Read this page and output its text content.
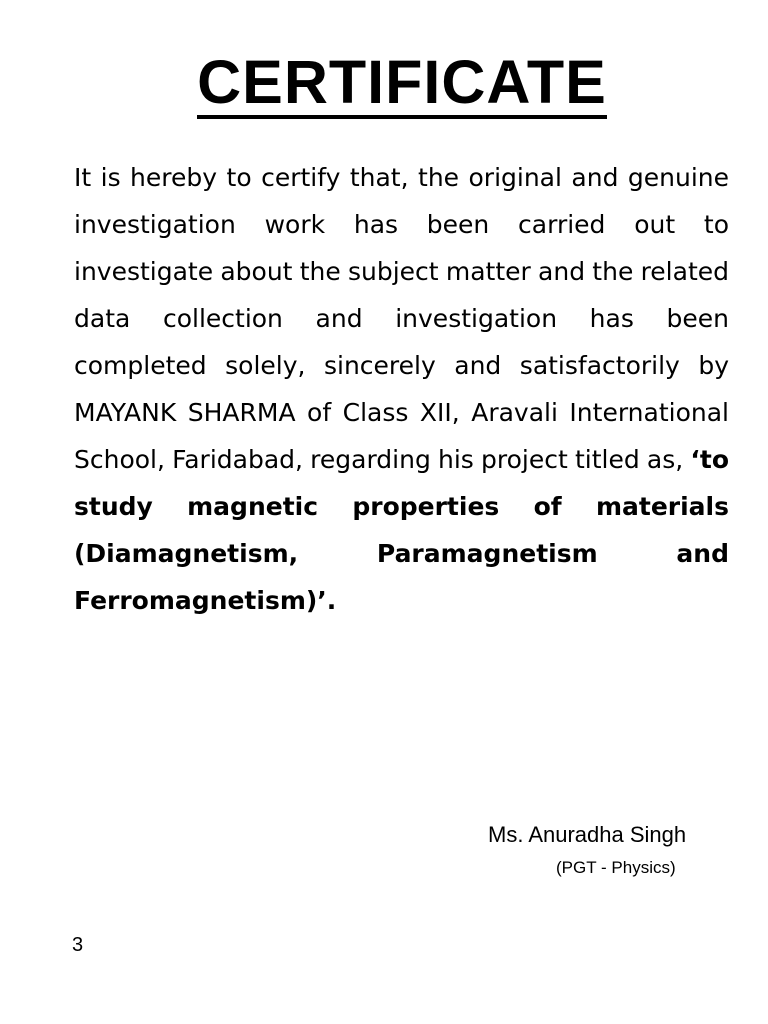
CERTIFICATE

It is hereby to certify that, the original and genuine investigation work has been carried out to investigate about the subject matter and the related data collection and investigation has been completed solely, sincerely and satisfactorily by MAYANK SHARMA of Class XII, Aravali International School, Faridabad, regarding his project titled as, ‘to study magnetic properties of materials (Diamagnetism, Paramagnetism and Ferromagnetism)’.

Ms. Anuradha Singh

(PGT - Physics)

3
